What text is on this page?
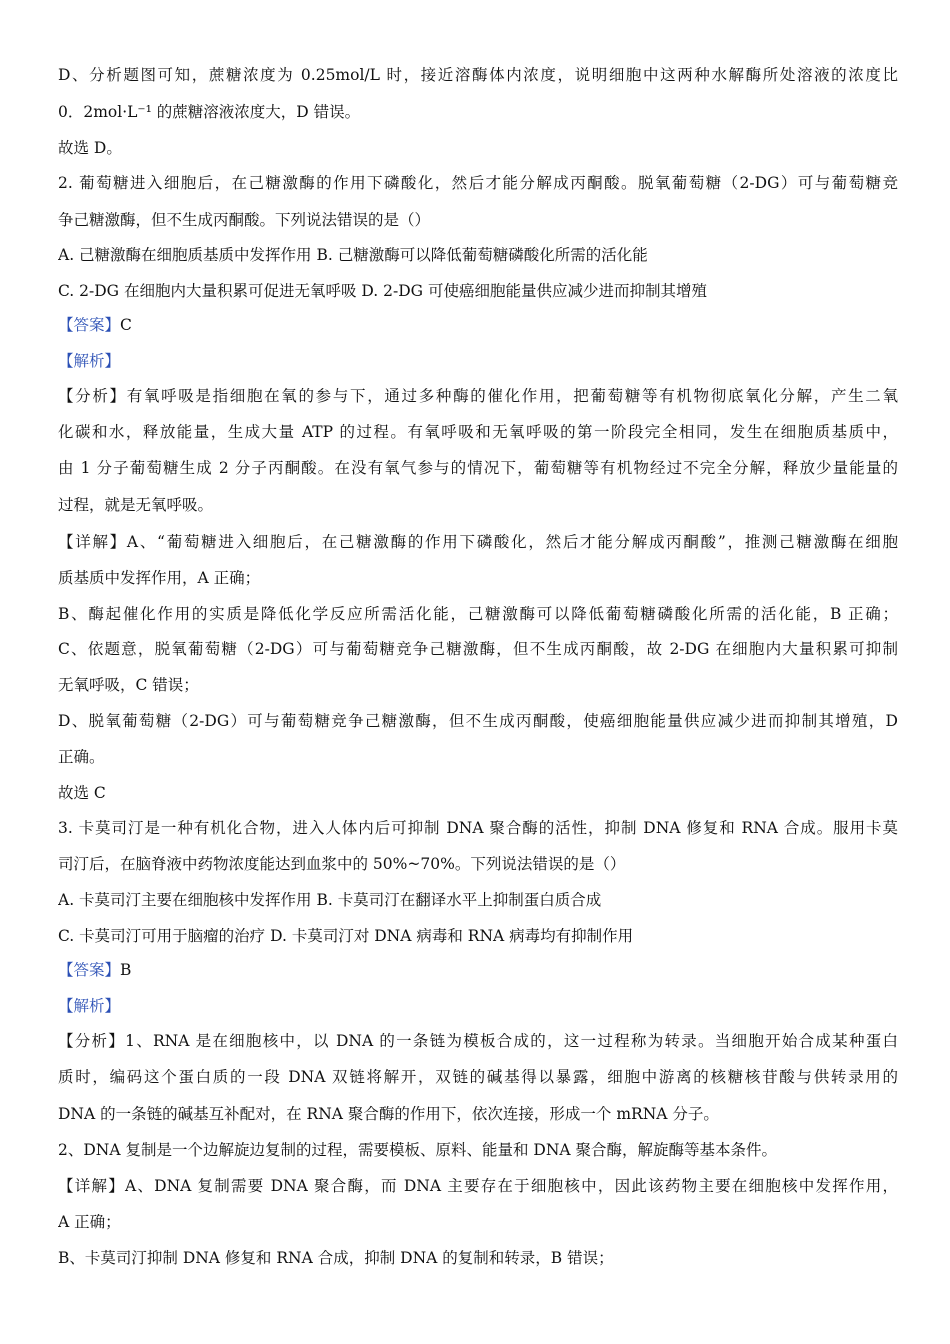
D、分析题图可知，蔗糖浓度为 0.25mol/L 时，接近溶酶体内浓度，说明细胞中这两种水解酶所处溶液的浓度比
0．2mol·L⁻¹ 的蔗糖溶液浓度大，D 错误。
故选 D。
2. 葡萄糖进入细胞后，在己糖激酶的作用下磷酸化，然后才能分解成丙酮酸。脱氧葡萄糖（2-DG）可与葡萄糖竞
争己糖激酶，但不生成丙酮酸。下列说法错误的是（）
A. 己糖激酶在细胞质基质中发挥作用 B. 己糖激酶可以降低葡萄糖磷酸化所需的活化能
C. 2-DG 在细胞内大量积累可促进无氧呼吸 D. 2-DG 可使癌细胞能量供应减少进而抑制其增殖
【答案】C
【解析】
【分析】有氧呼吸是指细胞在氧的参与下，通过多种酶的催化作用，把葡萄糖等有机物彻底氧化分解，产生二氧
化碳和水，释放能量，生成大量 ATP 的过程。有氧呼吸和无氧呼吸的第一阶段完全相同，发生在细胞质基质中，
由 1 分子葡萄糖生成 2 分子丙酮酸。在没有氧气参与的情况下，葡萄糖等有机物经过不完全分解，释放少量能量的
过程，就是无氧呼吸。
【详解】A、“葡萄糖进入细胞后，在己糖激酶的作用下磷酸化，然后才能分解成丙酮酸”，推测己糖激酶在细胞
质基质中发挥作用，A 正确；
B、酶起催化作用的实质是降低化学反应所需活化能，己糖激酶可以降低葡萄糖磷酸化所需的活化能，B 正确；
C、依题意，脱氧葡萄糖（2-DG）可与葡萄糖竞争己糖激酶，但不生成丙酮酸，故 2-DG 在细胞内大量积累可抑制
无氧呼吸，C 错误；
D、脱氧葡萄糖（2-DG）可与葡萄糖竞争己糖激酶，但不生成丙酮酸，使癌细胞能量供应减少进而抑制其增殖，D
正确。
故选 C
3. 卡莫司汀是一种有机化合物，进入人体内后可抑制 DNA 聚合酶的活性，抑制 DNA 修复和 RNA 合成。服用卡莫
司汀后，在脑脊液中药物浓度能达到血浆中的 50%~70%。下列说法错误的是（）
A. 卡莫司汀主要在细胞核中发挥作用 B. 卡莫司汀在翻译水平上抑制蛋白质合成
C. 卡莫司汀可用于脑瘤的治疗 D. 卡莫司汀对 DNA 病毒和 RNA 病毒均有抑制作用
【答案】B
【解析】
【分析】1、RNA 是在细胞核中，以 DNA 的一条链为模板合成的，这一过程称为转录。当细胞开始合成某种蛋白
质时，编码这个蛋白质的一段 DNA 双链将解开，双链的碱基得以暴露，细胞中游离的核糖核苷酸与供转录用的
DNA 的一条链的碱基互补配对，在 RNA 聚合酶的作用下，依次连接，形成一个 mRNA 分子。
2、DNA 复制是一个边解旋边复制的过程，需要模板、原料、能量和 DNA 聚合酶，解旋酶等基本条件。
【详解】A、DNA 复制需要 DNA 聚合酶，而 DNA 主要存在于细胞核中，因此该药物主要在细胞核中发挥作用，
A 正确；
B、卡莫司汀抑制 DNA 修复和 RNA 合成，抑制 DNA 的复制和转录，B 错误；
